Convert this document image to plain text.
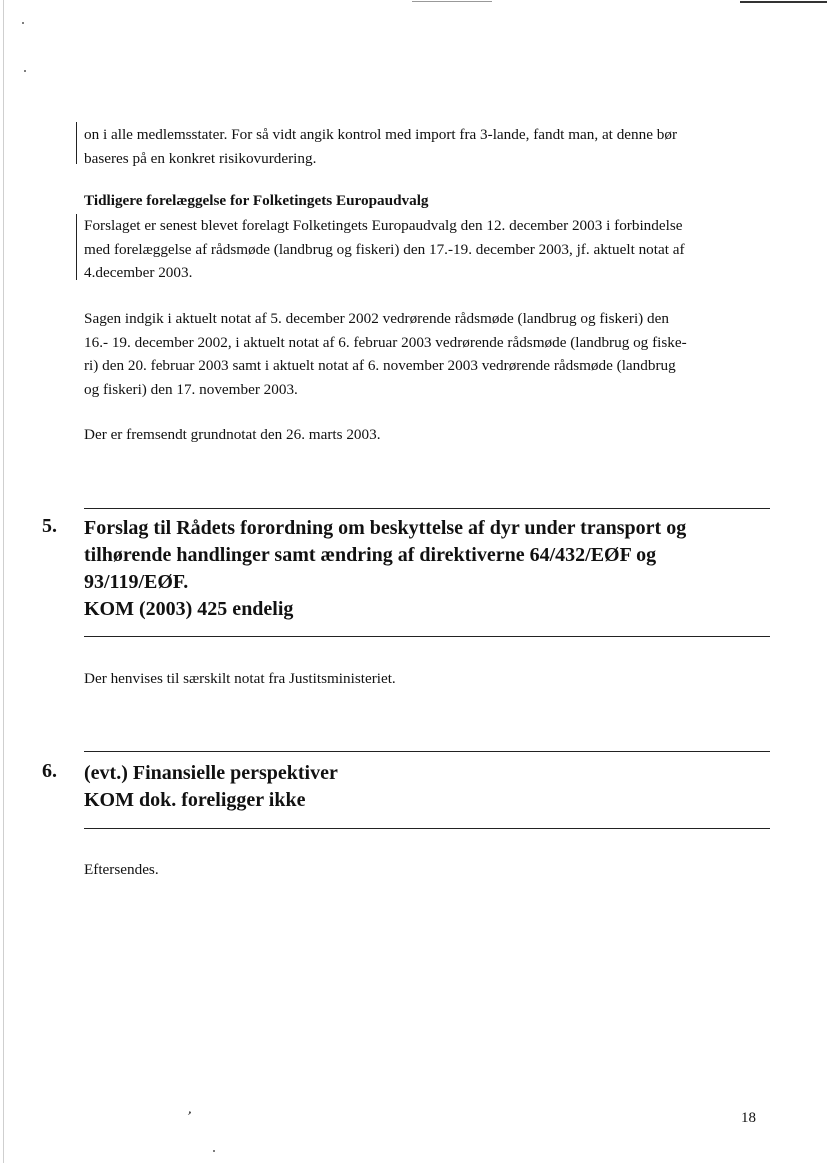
on i alle medlemsstater. For så vidt angik kontrol med import fra 3-lande, fandt man, at denne bør
baseres på en konkret risikovurdering.
Tidligere forelæggelse for Folketingets Europaudvalg
Forslaget er senest blevet forelagt Folketingets Europaudvalg den 12. december 2003 i forbindelse
med forelæggelse af rådsmøde (landbrug og fiskeri) den 17.-19. december 2003, jf. aktuelt notat af
4.december 2003.
Sagen indgik i aktuelt notat af 5. december 2002 vedrørende rådsmøde (landbrug og fiskeri) den
16.- 19. december 2002, i aktuelt notat af 6. februar 2003 vedrørende rådsmøde (landbrug og fiske-
ri) den 20. februar 2003 samt i aktuelt notat af 6. november 2003 vedrørende rådsmøde (landbrug
og fiskeri) den 17. november 2003.
Der er fremsendt grundnotat den 26. marts 2003.
5. Forslag til Rådets forordning om beskyttelse af dyr under transport og
tilhørende handlinger samt ændring af direktiverne 64/432/EØF og
93/119/EØF.
KOM (2003) 425 endelig
Der henvises til særskilt notat fra Justitsministeriet.
6. (evt.) Finansielle perspektiver
KOM dok. foreligger ikke
Eftersendes.
,
18
